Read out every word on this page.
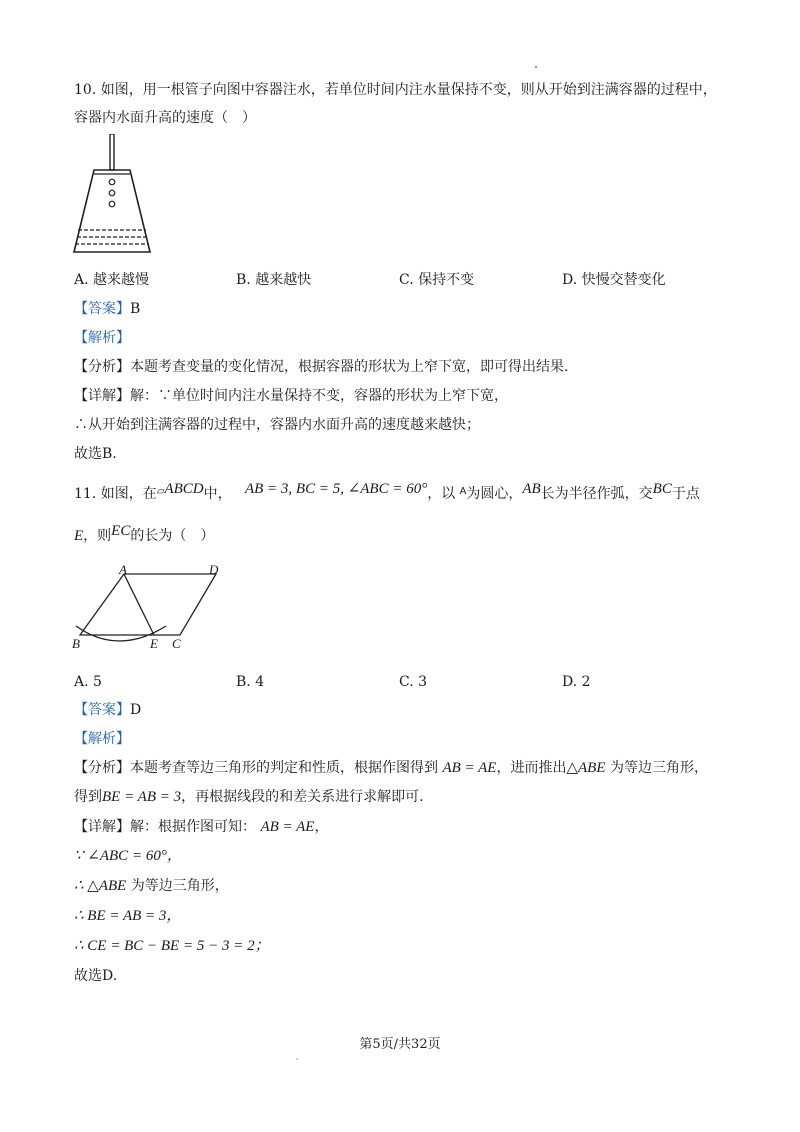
10. 如图，用一根管子向图中容器注水，若单位时间内注水量保持不变，则从开始到注满容器的过程中，
容器内水面升高的速度（　）
A. 越来越慢	B. 越来越快	C. 保持不变	D. 快慢交替变化
【答案】B
【解析】
【分析】本题考查变量的变化情况，根据容器的形状为上窄下宽，即可得出结果.
【详解】解：∵单位时间内注水量保持不变，容器的形状为上窄下宽，
∴从开始到注满容器的过程中，容器内水面升高的速度越来越快；
故选B.
11. 如图，在▱ABCD中， AB = 3, BC = 5, ∠ABC = 60°，以 $^A$为圆心，AB长为半径作弧，交BC于点
E，则EC的长为（　）
A	D
B	E C
A. 5	B. 4	C. 3	D. 2
【答案】D
【解析】
【分析】本题考查等边三角形的判定和性质，根据作图得到 AB = AE，进而推出△ABE 为等边三角形，
得到BE = AB = 3，再根据线段的和差关系进行求解即可.
【详解】解：根据作图可知： AB = AE，
∵ ∠ABC = 60°，
∴ △ABE 为等边三角形，
∴ BE = AB = 3，
∴ CE = BC − BE = 5 − 3 = 2；
故选D.
第5页/共32页
